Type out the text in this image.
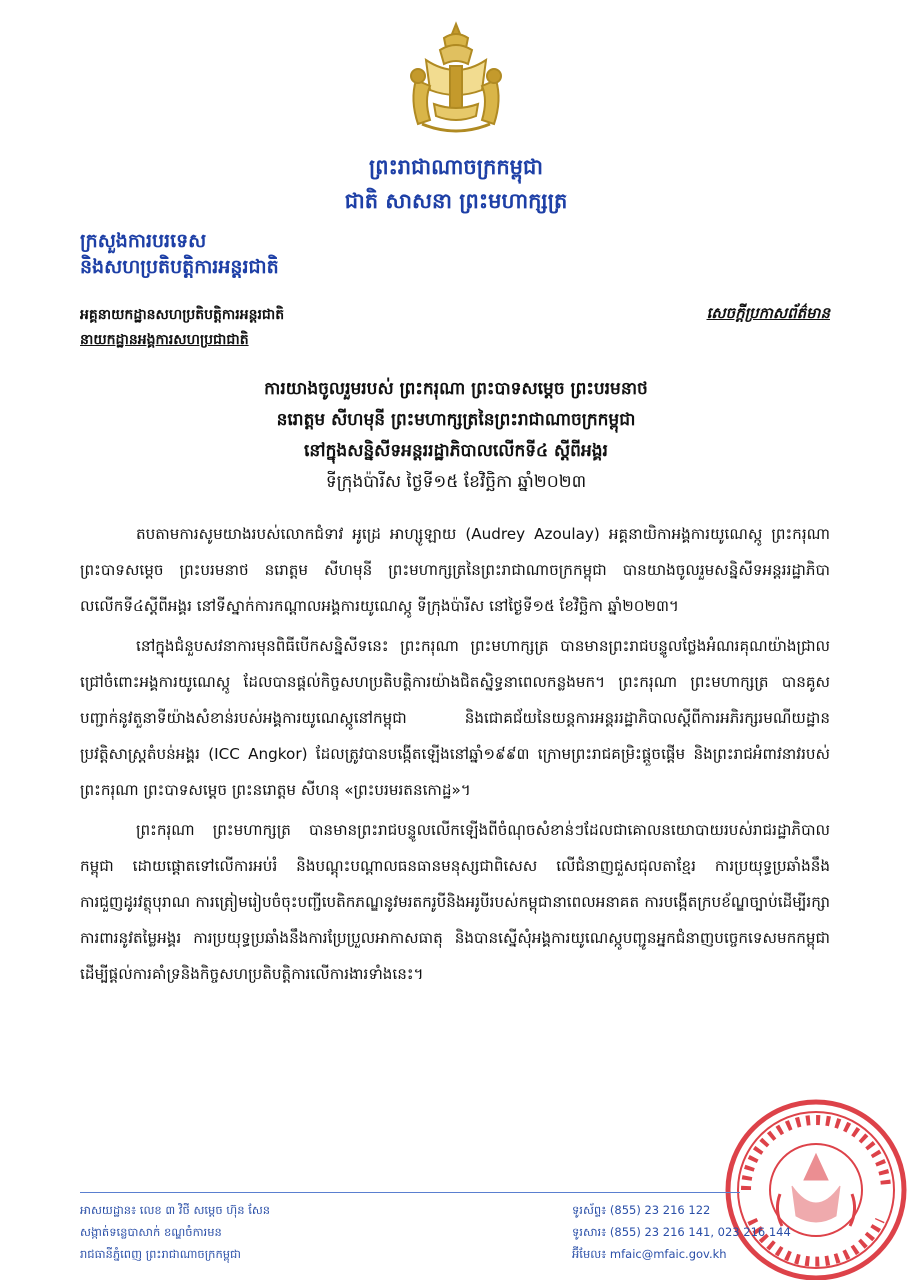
ព្រះរាជាណាចក្រកម្ពុជា
ជាតិ សាសនា ព្រះមហាក្សត្រ
ក្រសួងការបរទេស
និងសហប្រតិបត្តិការអន្តរជាតិ
អគ្គនាយកដ្ឋានសហប្រតិបត្តិការអន្តរជាតិ
នាយកដ្ឋានអង្គការសហប្រជាជាតិ
សេចក្តីប្រកាសព័ត៌មាន
ការយាងចូលរួមរបស់ ព្រះករុណា ព្រះបាទសម្តេច ព្រះបរមនាថ
នរោត្តម សីហមុនី ព្រះមហាក្សត្រនៃព្រះរាជាណាចក្រកម្ពុជា
នៅក្នុងសន្និសីទអន្តររដ្ឋាភិបាលលើកទី៤ ស្តីពីអង្គរ
ទីក្រុងប៉ារីស ថ្ងៃទី១៥ ខែវិច្ឆិកា ឆ្នាំ២០២៣

តបតាមការសូមយាងរបស់លោកជំទាវ អូដ្រេ អាហ្សូឡាយ (Audrey Azoulay) អគ្គនាយិកាអង្គការយូណេស្កូ ព្រះករុណា ព្រះបាទសម្តេច ព្រះបរមនាថ នរោត្តម សីហមុនី ព្រះមហាក្សត្រនៃព្រះរាជាណាចក្រកម្ពុជា បានយាងចូលរួមសន្និសីទអន្តររដ្ឋាភិបាលលើកទី៤ស្តីពីអង្គរ នៅទីស្នាក់ការកណ្តាលអង្គការយូណេស្កូ ទីក្រុងប៉ារីស នៅថ្ងៃទី១៥ ខែវិច្ឆិកា ឆ្នាំ២០២៣។

នៅក្នុងជំនួបសវនាការមុនពិធីបើកសន្និសីទនេះ ព្រះករុណា ព្រះមហាក្សត្រ បានមានព្រះរាជបន្ទូលថ្លែងអំណរគុណយ៉ាងជ្រាលជ្រៅចំពោះអង្គការយូណេស្កូ ដែលបានផ្តល់កិច្ចសហប្រតិបត្តិការយ៉ាងជិតស្និទ្ធនាពេលកន្លងមក។ ព្រះករុណា ព្រះមហាក្សត្រ បានគូសបញ្ជាក់នូវតួនាទីយ៉ាងសំខាន់របស់អង្គការយូណេស្កូនៅកម្ពុជា និងជោគជ័យនៃយន្តការអន្តររដ្ឋាភិបាលស្តីពីការអភិរក្សរមណីយដ្ឋានប្រវត្តិសាស្ត្រតំបន់អង្គរ (ICC Angkor) ដែលត្រូវបានបង្កើតឡើងនៅឆ្នាំ១៩៩៣ ក្រោមព្រះរាជគម្រិះផ្តួចផ្តើម និងព្រះរាជអំពាវនាវរបស់ ព្រះករុណា ព្រះបាទសម្តេច ព្រះនរោត្តម សីហនុ «ព្រះបរមរតនកោដ្ឋ»។

ព្រះករុណា ព្រះមហាក្សត្រ បានមានព្រះរាជបន្ទូលលើកឡើងពីចំណុចសំខាន់ៗដែលជាគោលនយោបាយរបស់រាជរដ្ឋាភិបាលកម្ពុជា ដោយផ្តោតទៅលើការអប់រំ និងបណ្តុះបណ្តាលធនធានមនុស្សជាពិសេស លើជំនាញជួសជុលតាខ្មែរ ការប្រយុទ្ធប្រឆាំងនឹងការជួញដូរវត្ថុបុរាណ ការត្រៀមរៀបចំចុះបញ្ជីបេតិកភណ្ឌនូវមរតករូបីនិងអរូបីរបស់កម្ពុជានាពេលអនាគត ការបង្កើតក្របខ័ណ្ឌច្បាប់ដើម្បីរក្សាការពារនូវតម្លៃអង្គរ ការប្រយុទ្ធប្រឆាំងនឹងការប្រែប្រួលអាកាសធាតុ និងបានស្នើសុំអង្គការយូណេស្កូបញ្ជូនអ្នកជំនាញបច្ចេកទេសមកកម្ពុជា ដើម្បីផ្តល់ការគាំទ្រនិងកិច្ចសហប្រតិបត្តិការលើការងារទាំងនេះ។

អាសយដ្ឋាន៖ លេខ ៣ វិថី សម្តេច ហ៊ុន សែន
សង្កាត់ទន្លេបាសាក់ ខណ្ឌចំការមន
រាជធានីភ្នំពេញ ព្រះរាជាណាចក្រកម្ពុជា
ទូរស័ព្ទ៖ (855) 23 216 122
ទូរសារ៖ (855) 23 216 141, 023 216 144
អ៊ីមែល៖ mfaic@mfaic.gov.kh
